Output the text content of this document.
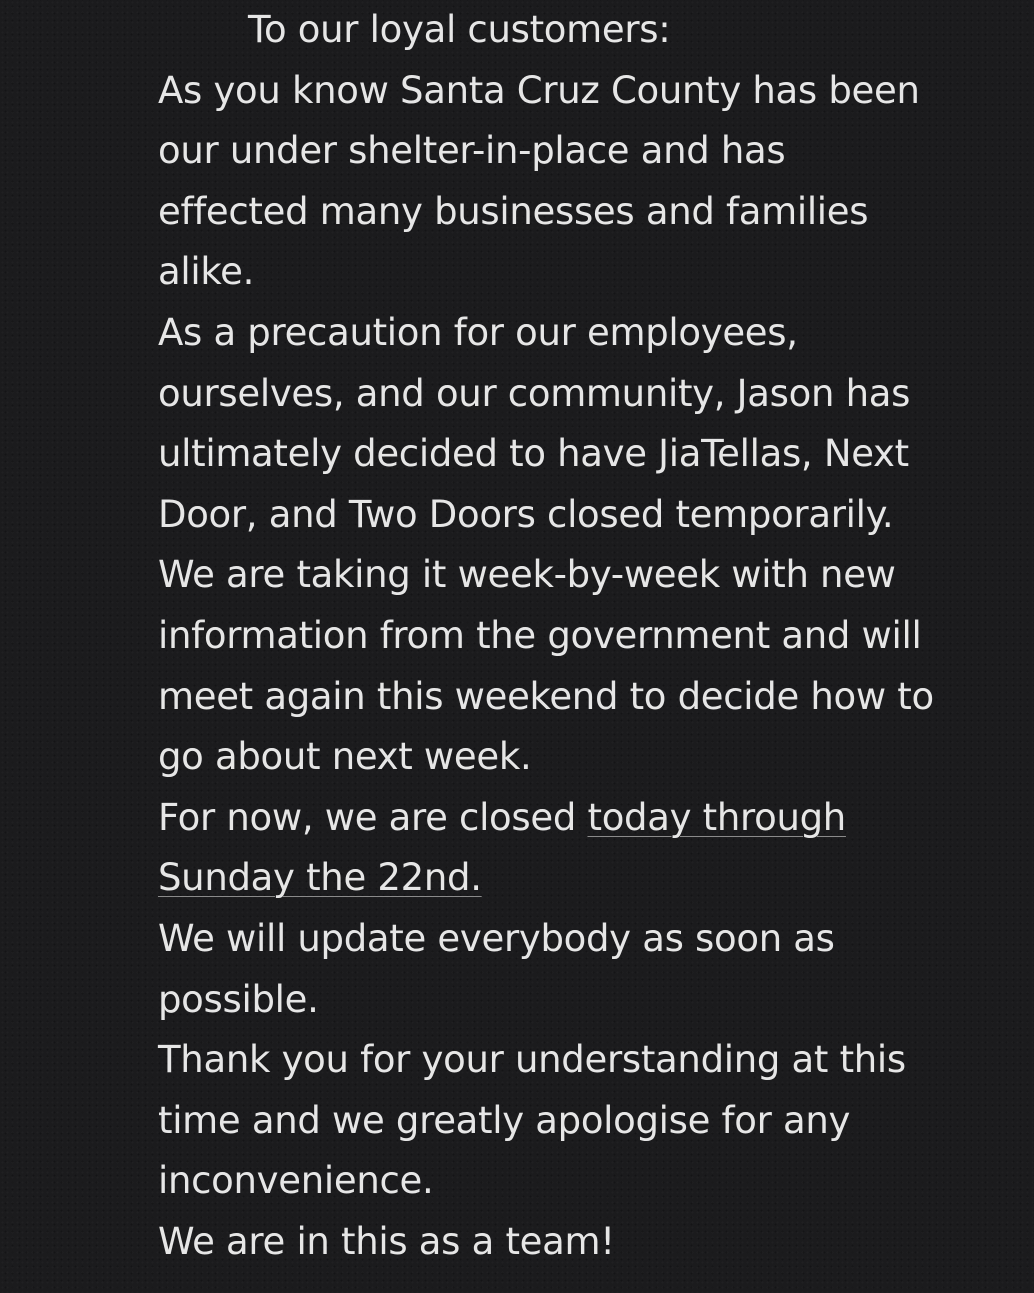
To our loyal customers:
As you know Santa Cruz County has been
our under shelter-in-place and has
effected many businesses and families
alike.
As a precaution for our employees,
ourselves, and our community, Jason has
ultimately decided to have JiaTellas, Next
Door, and Two Doors closed temporarily.
We are taking it week-by-week with new
information from the government and will
meet again this weekend to decide how to
go about next week.
For now, we are closed today through
Sunday the 22nd.
We will update everybody as soon as
possible.
Thank you for your understanding at this
time and we greatly apologise for any
inconvenience.
We are in this as a team!
